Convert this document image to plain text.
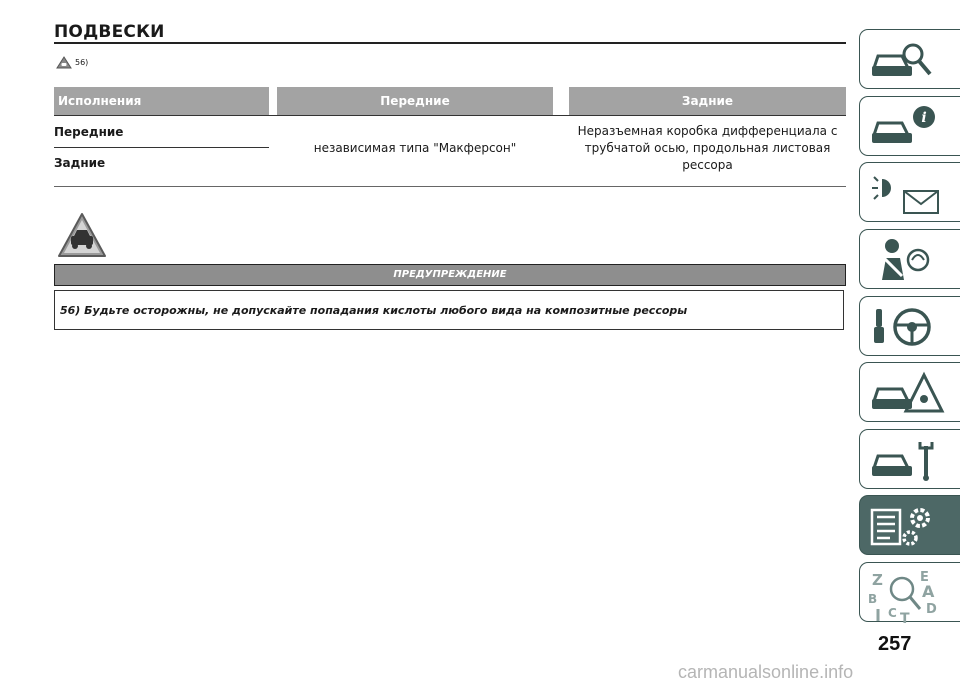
ПОДВЕСКИ
56)
Исполнения	Передние	Задние
Передние
Задние
независимая типа "Макферсон"
Неразъемная коробка дифференциала с
трубчатой осью, продольная листовая
рессора
ПРЕДУПРЕЖДЕНИЕ
56) Будьте осторожны, не допускайте попадания кислоты любого вида на композитные рессоры
i
Z	E
A
B
D
C T
257
carmanualsonline.info
